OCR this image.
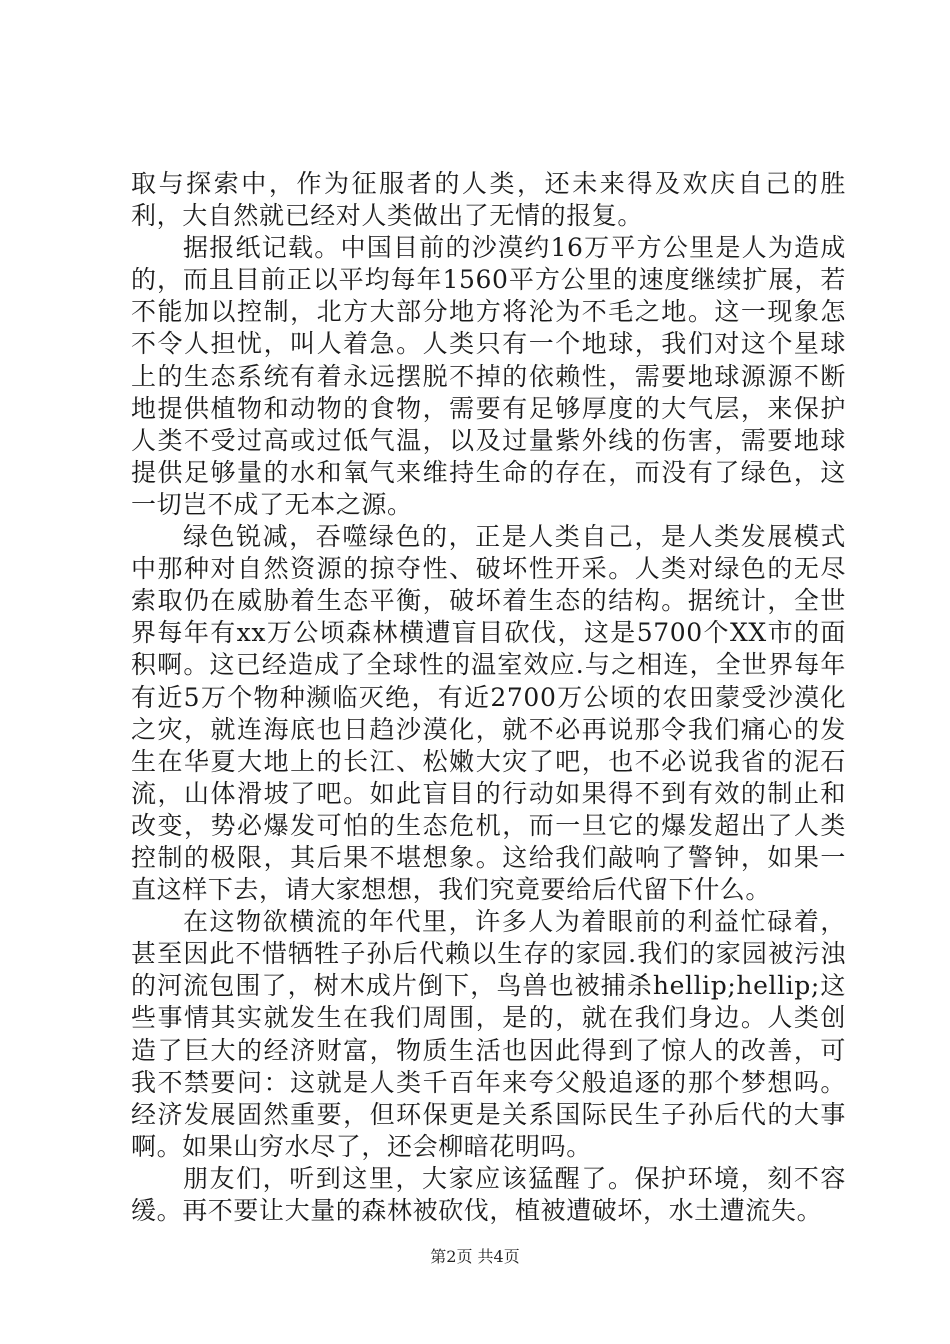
取与探索中，作为征服者的人类，还未来得及欢庆自己的胜利，大自然就已经对人类做出了无情的报复。

据报纸记载。中国目前的沙漠约16万平方公里是人为造成的，而且目前正以平均每年1560平方公里的速度继续扩展，若不能加以控制，北方大部分地方将沦为不毛之地。这一现象怎不令人担忧，叫人着急。人类只有一个地球，我们对这个星球上的生态系统有着永远摆脱不掉的依赖性，需要地球源源不断地提供植物和动物的食物，需要有足够厚度的大气层，来保护人类不受过高或过低气温，以及过量紫外线的伤害，需要地球提供足够量的水和氧气来维持生命的存在，而没有了绿色，这一切岂不成了无本之源。

绿色锐减，吞噬绿色的，正是人类自己，是人类发展模式中那种对自然资源的掠夺性、破坏性开采。人类对绿色的无尽索取仍在威胁着生态平衡，破坏着生态的结构。据统计，全世界每年有xx万公顷森林横遭盲目砍伐，这是5700个XX市的面积啊。这已经造成了全球性的温室效应.与之相连，全世界每年有近5万个物种濒临灭绝，有近2700万公顷的农田蒙受沙漠化之灾，就连海底也日趋沙漠化，就不必再说那令我们痛心的发生在华夏大地上的长江、松嫩大灾了吧，也不必说我省的泥石流，山体滑坡了吧。如此盲目的行动如果得不到有效的制止和改变，势必爆发可怕的生态危机，而一旦它的爆发超出了人类控制的极限，其后果不堪想象。这给我们敲响了警钟，如果一直这样下去，请大家想想，我们究竟要给后代留下什么。

在这物欲横流的年代里，许多人为着眼前的利益忙碌着，甚至因此不惜牺牲子孙后代赖以生存的家园.我们的家园被污浊的河流包围了，树木成片倒下，鸟兽也被捕杀hellip;hellip;这些事情其实就发生在我们周围，是的，就在我们身边。人类创造了巨大的经济财富，物质生活也因此得到了惊人的改善，可我不禁要问：这就是人类千百年来夸父般追逐的那个梦想吗。经济发展固然重要，但环保更是关系国际民生子孙后代的大事啊。如果山穷水尽了，还会柳暗花明吗。

朋友们，听到这里，大家应该猛醒了。保护环境，刻不容缓。再不要让大量的森林被砍伐，植被遭破坏，水土遭流失。

第2页 共4页
